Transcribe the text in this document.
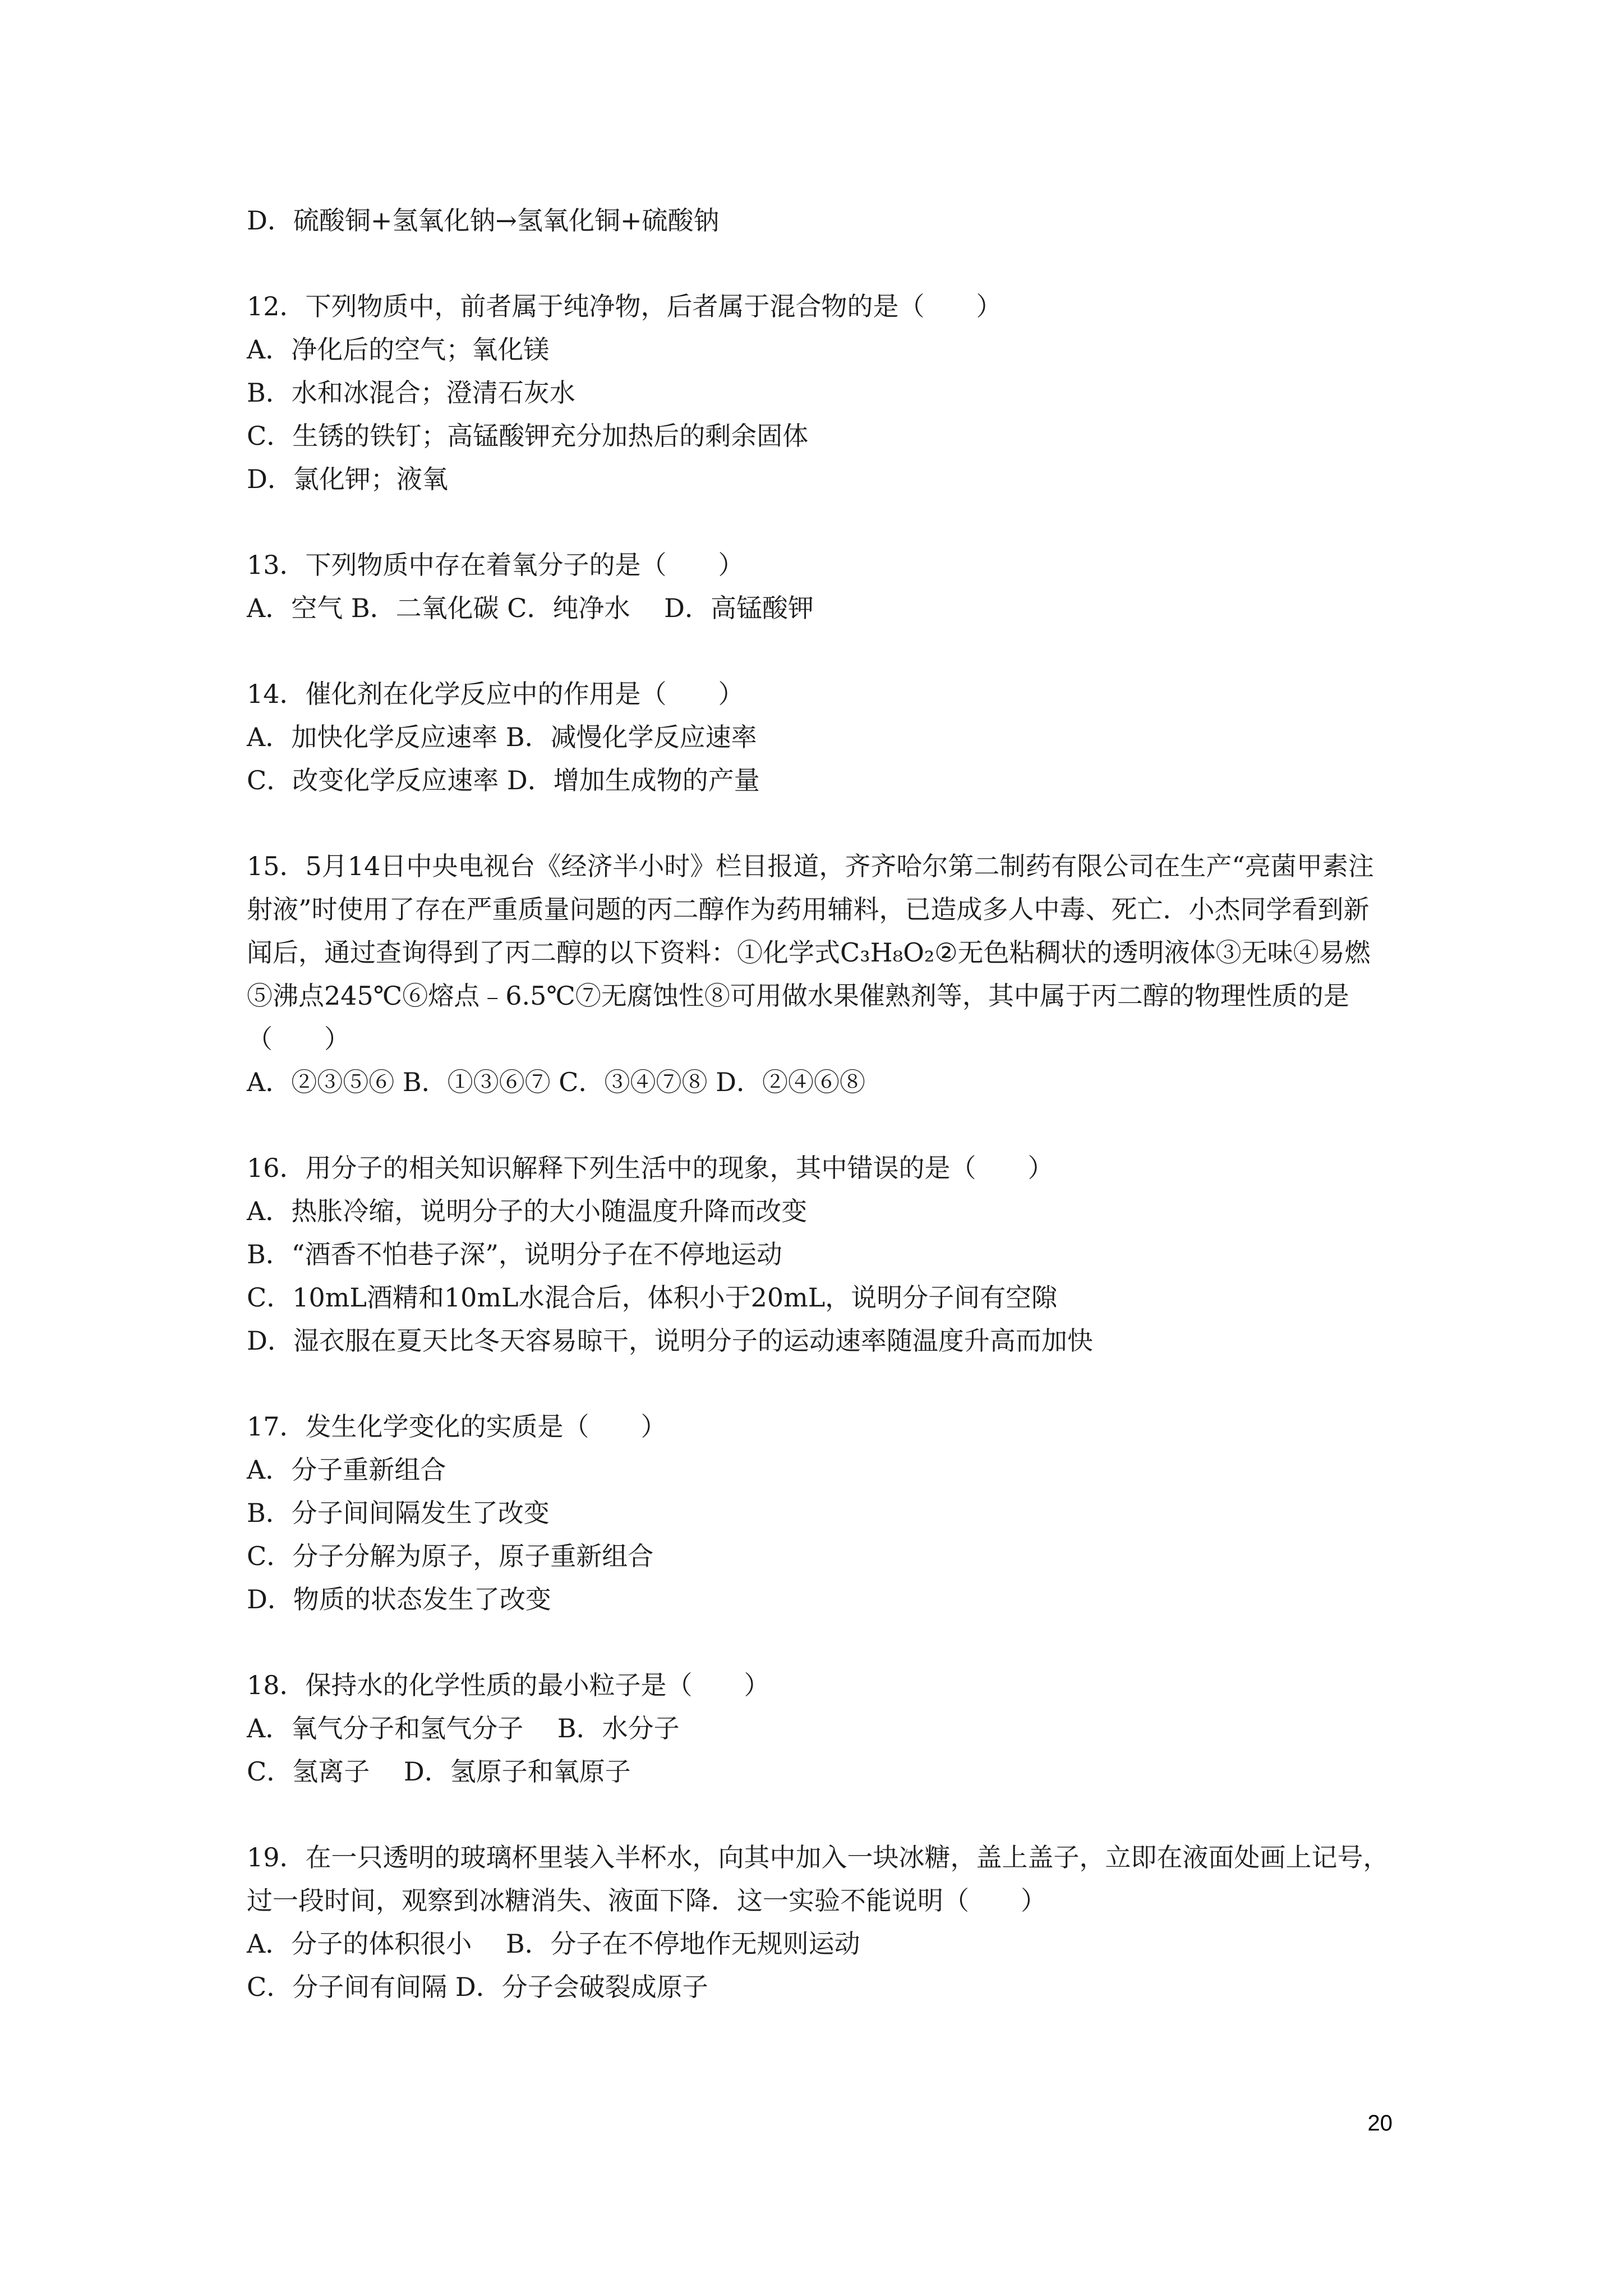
D．硫酸铜+氢氧化钠→氢氧化铜+硫酸钠
12．下列物质中，前者属于纯净物，后者属于混合物的是（　　）
A．净化后的空气；氧化镁
B．水和冰混合；澄清石灰水
C．生锈的铁钉；高锰酸钾充分加热后的剩余固体
D．氯化钾；液氧
13．下列物质中存在着氧分子的是（　　）
A．空气 B．二氧化碳 C．纯净水　 D．高锰酸钾
14．催化剂在化学反应中的作用是（　　）
A．加快化学反应速率 B．减慢化学反应速率
C．改变化学反应速率 D．增加生成物的产量
15．5月14日中央电视台《经济半小时》栏目报道，齐齐哈尔第二制药有限公司在生产“亮菌甲素注射液”时使用了存在严重质量问题的丙二醇作为药用辅料，已造成多人中毒、死亡．小杰同学看到新闻后，通过查询得到了丙二醇的以下资料：①化学式C₃H₈O₂②无色粘稠状的透明液体③无味④易燃⑤沸点245℃⑥熔点﹣6.5℃⑦无腐蚀性⑧可用做水果催熟剂等，其中属于丙二醇的物理性质的是（　　）
A．②③⑤⑥ B．①③⑥⑦ C．③④⑦⑧ D．②④⑥⑧
16．用分子的相关知识解释下列生活中的现象，其中错误的是（　　）
A．热胀冷缩，说明分子的大小随温度升降而改变
B．“酒香不怕巷子深”，说明分子在不停地运动
C．10mL酒精和10mL水混合后，体积小于20mL，说明分子间有空隙
D．湿衣服在夏天比冬天容易晾干，说明分子的运动速率随温度升高而加快
17．发生化学变化的实质是（　　）
A．分子重新组合
B．分子间间隔发生了改变
C．分子分解为原子，原子重新组合
D．物质的状态发生了改变
18．保持水的化学性质的最小粒子是（　　）
A．氧气分子和氢气分子　 B．水分子
C．氢离子　 D．氢原子和氧原子
19．在一只透明的玻璃杯里装入半杯水，向其中加入一块冰糖，盖上盖子，立即在液面处画上记号，过一段时间，观察到冰糖消失、液面下降．这一实验不能说明（　　）
A．分子的体积很小　 B．分子在不停地作无规则运动
C．分子间有间隔 D．分子会破裂成原子
20
